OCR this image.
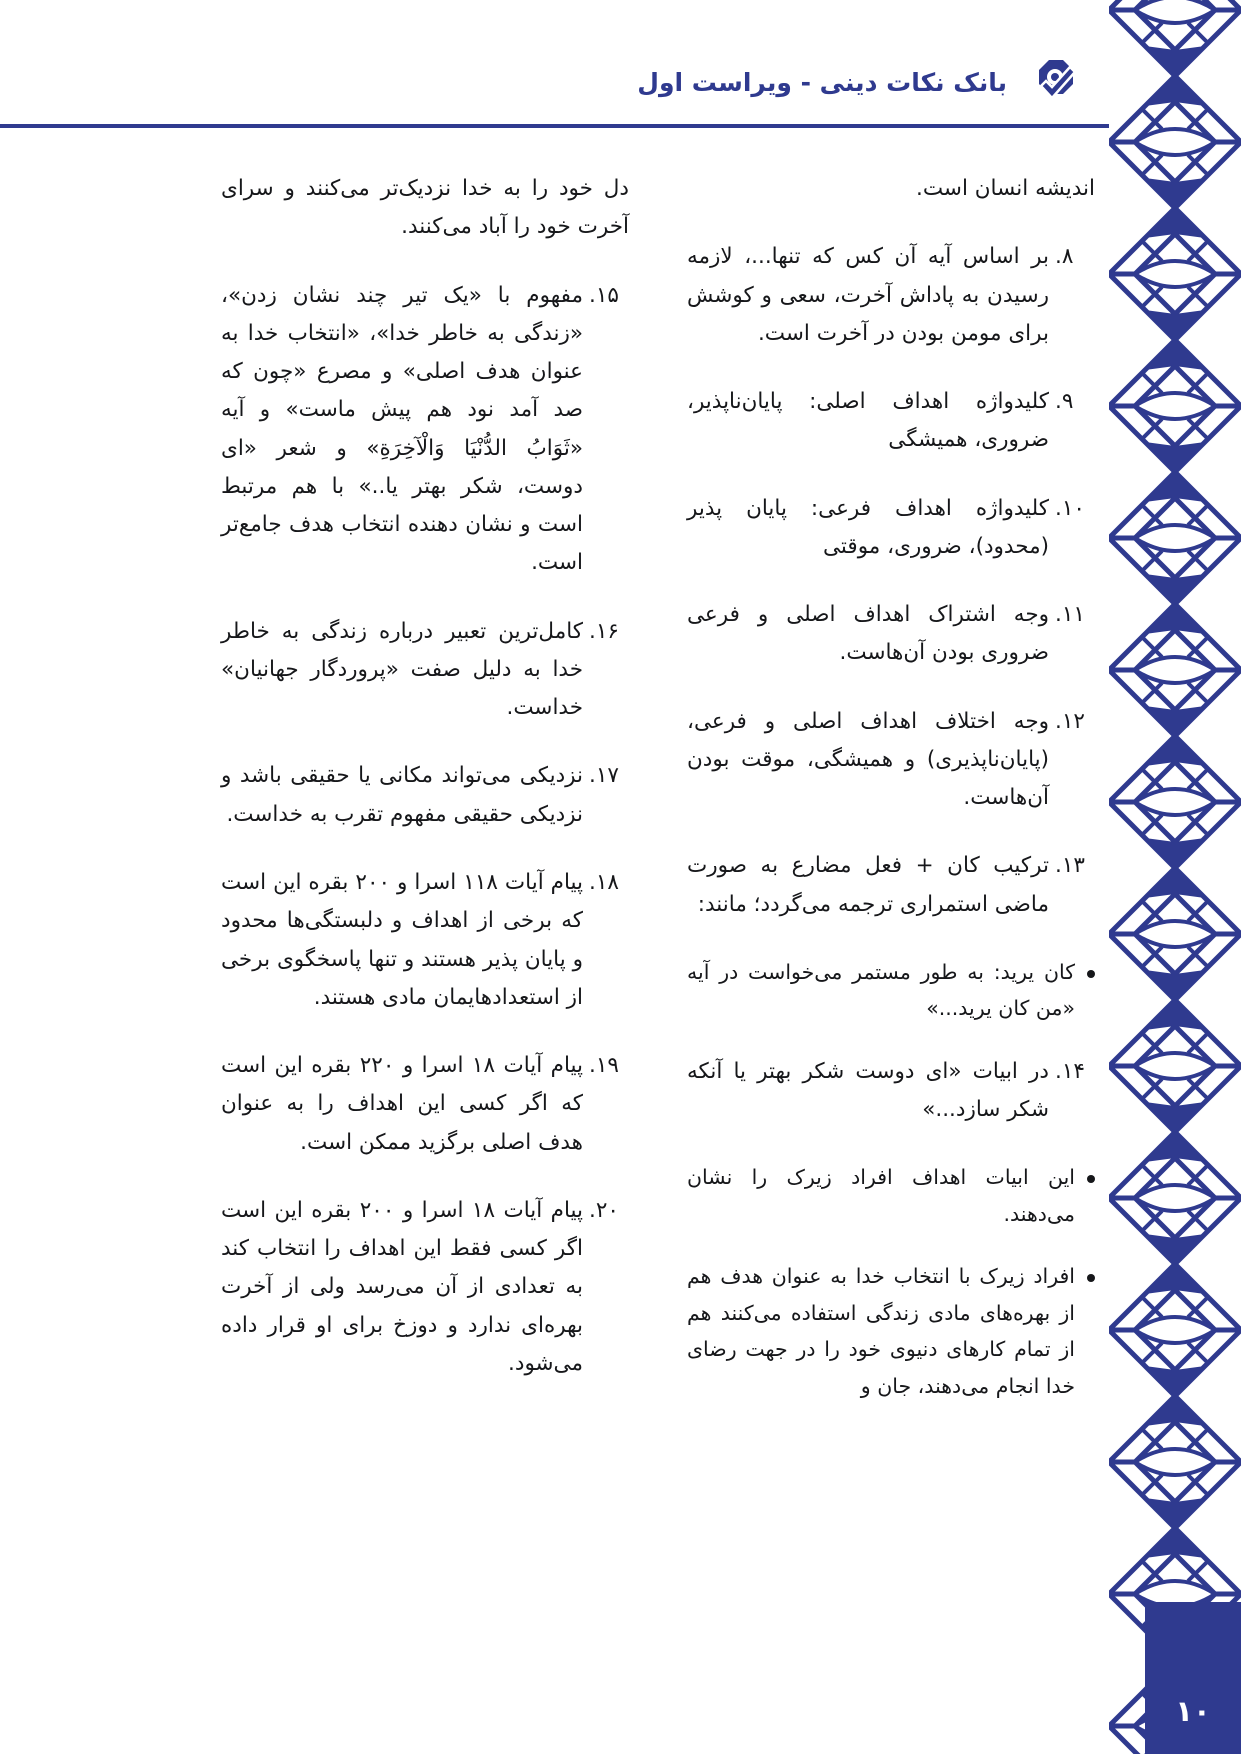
بانک نکات دینی - ویراست اول
اندیشه انسان است.
۸.
بر اساس آیه آن کس که تنها...، لازمه رسیدن به پاداش آخرت، سعی و کوشش برای مومن بودن در آخرت است.
۹.
کلیدواژه اهداف اصلی: پایان‌ناپذیر، ضروری، همیشگی
۱۰.
کلیدواژه اهداف فرعی: پایان پذیر (محدود)، ضروری، موقتی
۱۱.
وجه اشتراک اهداف اصلی و فرعی ضروری بودن آن‌هاست.
۱۲.
وجه اختلاف اهداف اصلی و فرعی، (پایان‌ناپذیری) و همیشگی، موقت بودن آن‌هاست.
۱۳.
ترکیب کان + فعل مضارع به صورت ماضی استمراری ترجمه می‌گردد؛ مانند:
کان یرید: به طور مستمر می‌خواست در آیه «من کان یرید...»
۱۴.
در ابیات «ای دوست شکر بهتر یا آنکه شکر سازد...»
این ابیات اهداف افراد زیرک را نشان می‌دهند.
افراد زیرک با انتخاب خدا به عنوان هدف هم از بهره‌های مادی زندگی استفاده می‌کنند هم از تمام کارهای دنیوی خود را در جهت رضای خدا انجام می‌دهند، جان و
دل خود را به خدا نزدیک‌تر می‌کنند و سرای آخرت خود را آباد می‌کنند.
۱۵.
مفهوم با «یک تیر چند نشان زدن»، «زندگی به خاطر خدا»، «انتخاب خدا به عنوان هدف اصلی» و مصرع «چون که صد آمد نود هم پیش ماست» و آیه «ثَوَابُ الدُّنْیَا وَالْآخِرَةِ» و شعر «ای دوست، شکر بهتر یا..» با هم مرتبط است و نشان دهنده انتخاب هدف جامع‌تر است.
۱۶.
کامل‌ترین تعبیر درباره زندگی به خاطر خدا به دلیل صفت «پروردگار جهانیان» خداست.
۱۷.
نزدیکی می‌تواند مکانی یا حقیقی باشد و نزدیکی حقیقی مفهوم تقرب به خداست.
۱۸.
پیام آیات ۱۱۸ اسرا و ۲۰۰ بقره این است که برخی از اهداف و دلبستگی‌ها محدود و پایان پذیر هستند و تنها پاسخگوی برخی از استعدادهایمان مادی هستند.
۱۹.
پیام آیات ۱۸ اسرا و ۲۲۰ بقره این است که اگر کسی این اهداف را به عنوان هدف اصلی برگزید ممکن است.
۲۰.
پیام آیات ۱۸ اسرا و ۲۰۰ بقره این است اگر کسی فقط این اهداف را انتخاب کند به تعدادی از آن می‌رسد ولی از آخرت بهره‌ای ندارد و دوزخ برای او قرار داده می‌شود.
۱۰
